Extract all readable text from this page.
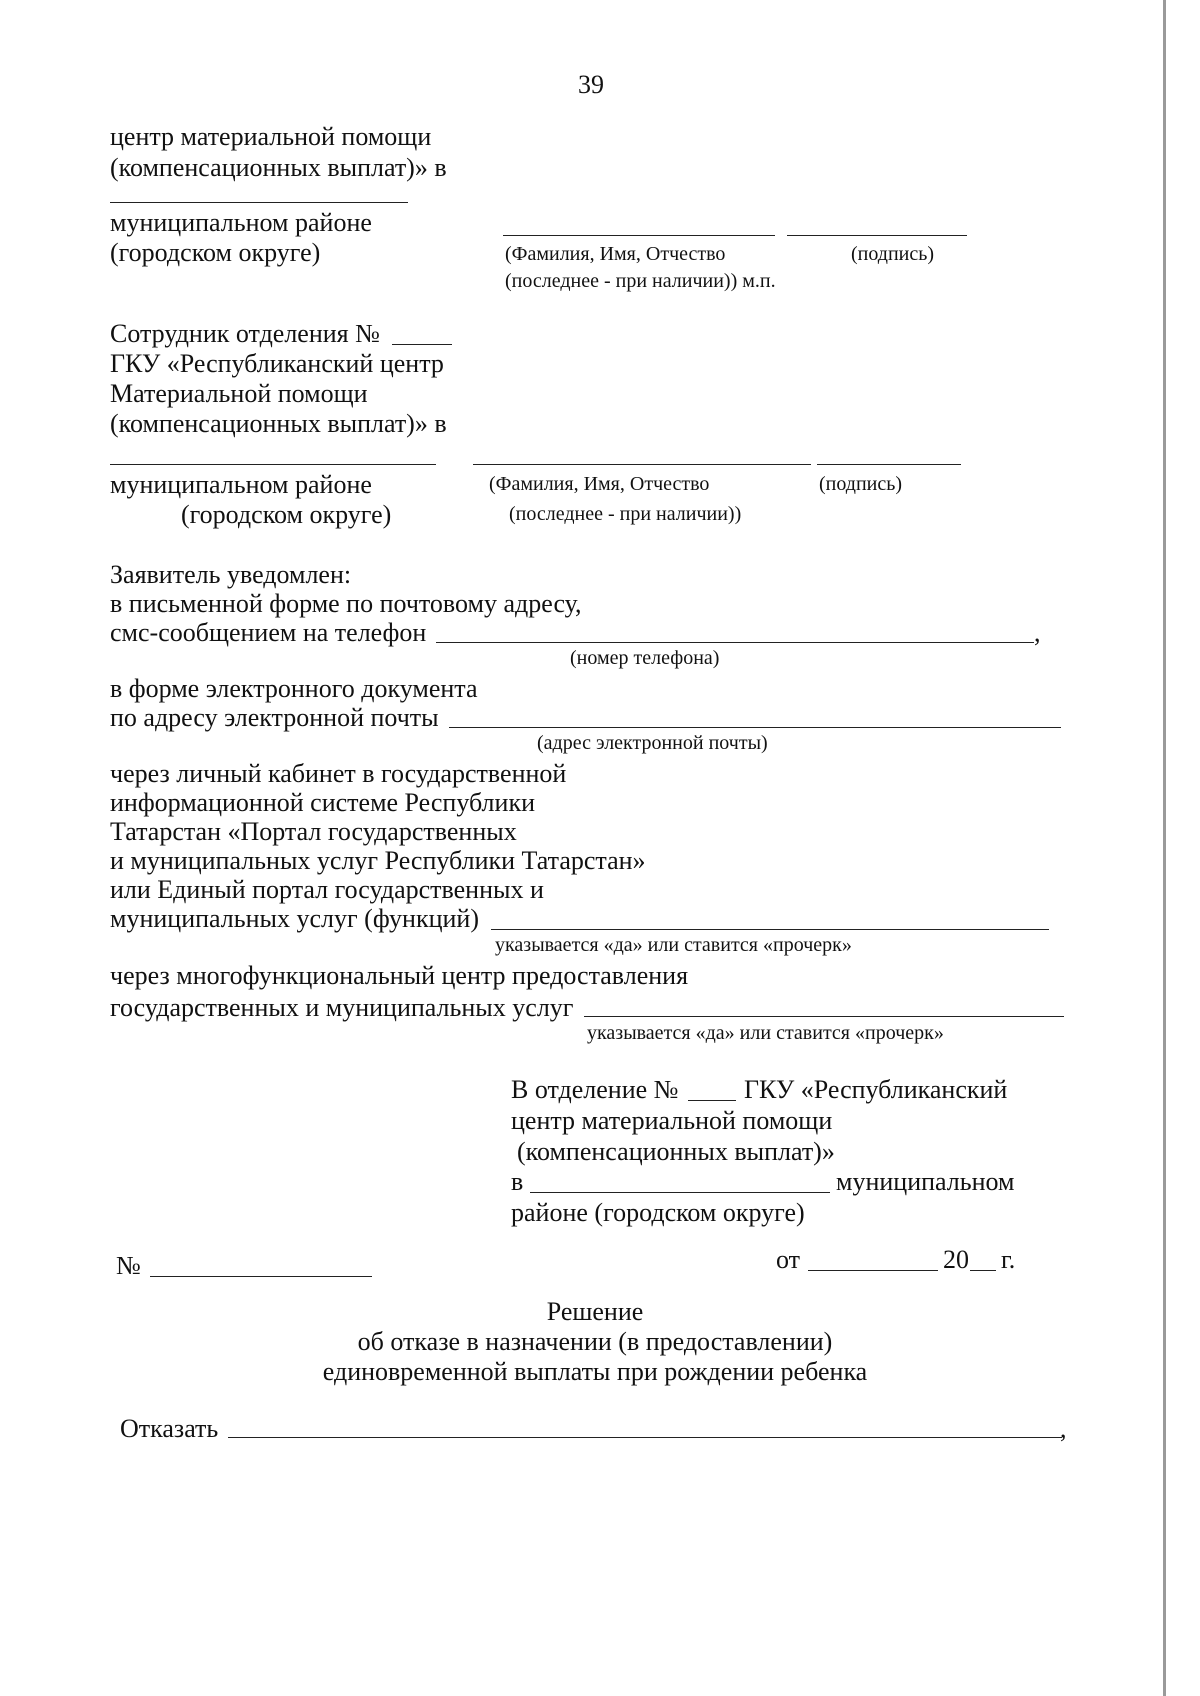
39
центр материальной помощи
(компенсационных выплат)» в
муниципальном районе
(городском округе)	(Фамилия, Имя, Отчество	(подпись)
(последнее - при наличии)) м.п.
Сотрудник отделения №
ГКУ «Республиканский центр
Материальной помощи
(компенсационных выплат)» в
муниципальном районе	(Фамилия, Имя, Отчество	(подпись)
(городском округе)	(последнее - при наличии))
Заявитель уведомлен:
в письменной форме по почтовому адресу,
смс-сообщением на телефон	,
(номер телефона)
в форме электронного документа
по адресу электронной почты
(адрес электронной почты)
через личный кабинет в государственной
информационной системе Республики
Татарстан «Портал государственных
и муниципальных услуг Республики Татарстан»
или Единый портал государственных и
муниципальных услуг (функций)
указывается «да» или ставится «прочерк»
через многофункциональный центр предоставления
государственных и муниципальных услуг
указывается «да» или ставится «прочерк»
В отделение №	ГКУ «Республиканский
центр материальной помощи
(компенсационных выплат)»
в	муниципальном
районе (городском округе)
№	от	20 г.
Решение
об отказе в назначении (в предоставлении)
единовременной выплаты при рождении ребенка
Отказать	,
